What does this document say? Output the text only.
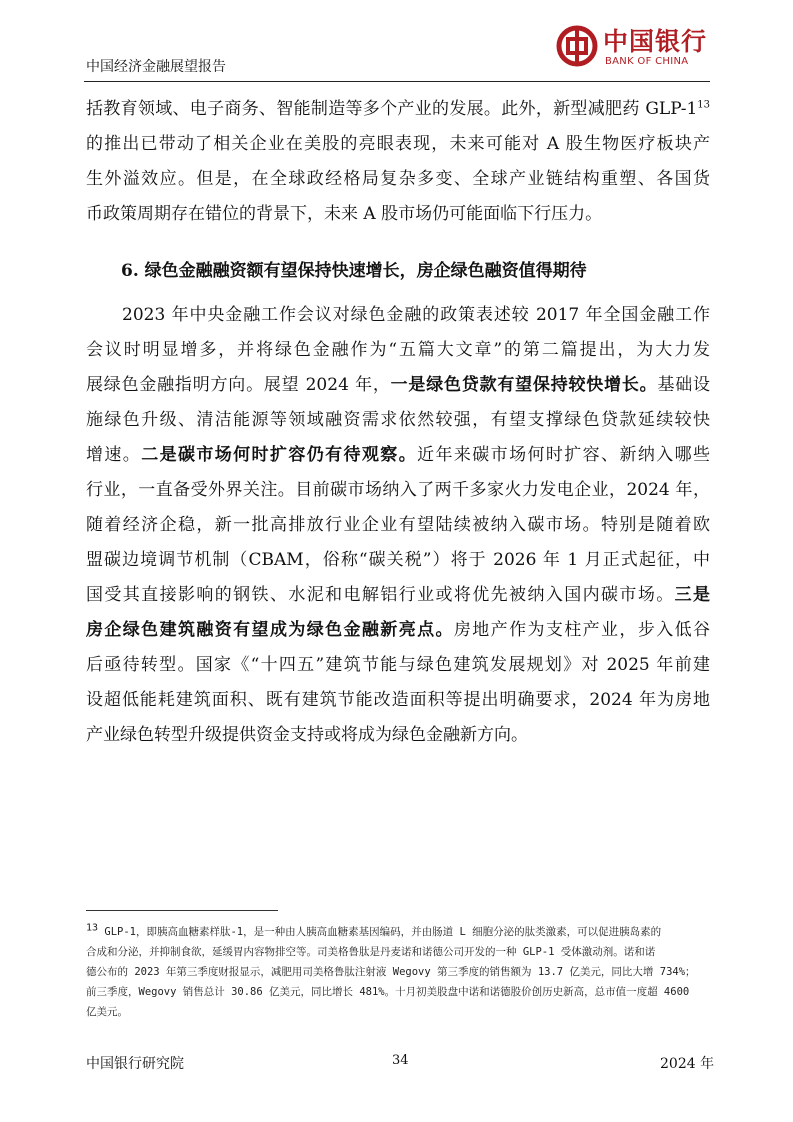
中国经济金融展望报告
中国银行
BANK OF CHINA
括教育领域、电子商务、智能制造等多个产业的发展。此外，新型减肥药 GLP-$1^{13}$
的推出已带动了相关企业在美股的亮眼表现，未来可能对 A 股生物医疗板块产
生外溢效应。但是，在全球政经格局复杂多变、全球产业链结构重塑、各国货
币政策周期存在错位的背景下，未来 A 股市场仍可能面临下行压力。
6. 绿色金融融资额有望保持快速增长，房企绿色融资值得期待
2023 年中央金融工作会议对绿色金融的政策表述较 2017 年全国金融工作
会议时明显增多，并将绿色金融作为“五篇大文章”的第二篇提出，为大力发
展绿色金融指明方向。展望 2024 年，一是绿色贷款有望保持较快增长。基础设
施绿色升级、清洁能源等领域融资需求依然较强，有望支撑绿色贷款延续较快
增速。二是碳市场何时扩容仍有待观察。近年来碳市场何时扩容、新纳入哪些
行业，一直备受外界关注。目前碳市场纳入了两千多家火力发电企业，2024 年，
随着经济企稳，新一批高排放行业企业有望陆续被纳入碳市场。特别是随着欧
盟碳边境调节机制（CBAM，俗称“碳关税”）将于 2026 年 1 月正式起征，中
国受其直接影响的钢铁、水泥和电解铝行业或将优先被纳入国内碳市场。三是
房企绿色建筑融资有望成为绿色金融新亮点。房地产作为支柱产业，步入低谷
后亟待转型。国家《“十四五”建筑节能与绿色建筑发展规划》对 2025 年前建
设超低能耗建筑面积、既有建筑节能改造面积等提出明确要求，2024 年为房地
产业绿色转型升级提供资金支持或将成为绿色金融新方向。
$^{13}$ GLP-1，即胰高血糖素样肽-1，是一种由人胰高血糖素基因编码，并由肠道 L 细胞分泌的肽类激素，可以促进胰岛素的
合成和分泌，并抑制食欲，延缓胃内容物排空等。司美格鲁肽是丹麦诺和诺德公司开发的一种 GLP-1 受体激动剂。诺和诺
德公布的 2023 年第三季度财报显示，减肥用司美格鲁肽注射液 Wegovy 第三季度的销售额为 13.7 亿美元，同比大增 734%；
前三季度，Wegovy 销售总计 30.86 亿美元，同比增长 481%。十月初美股盘中诺和诺德股价创历史新高，总市值一度超 4600
亿美元。
中国银行研究院	34	2024 年
